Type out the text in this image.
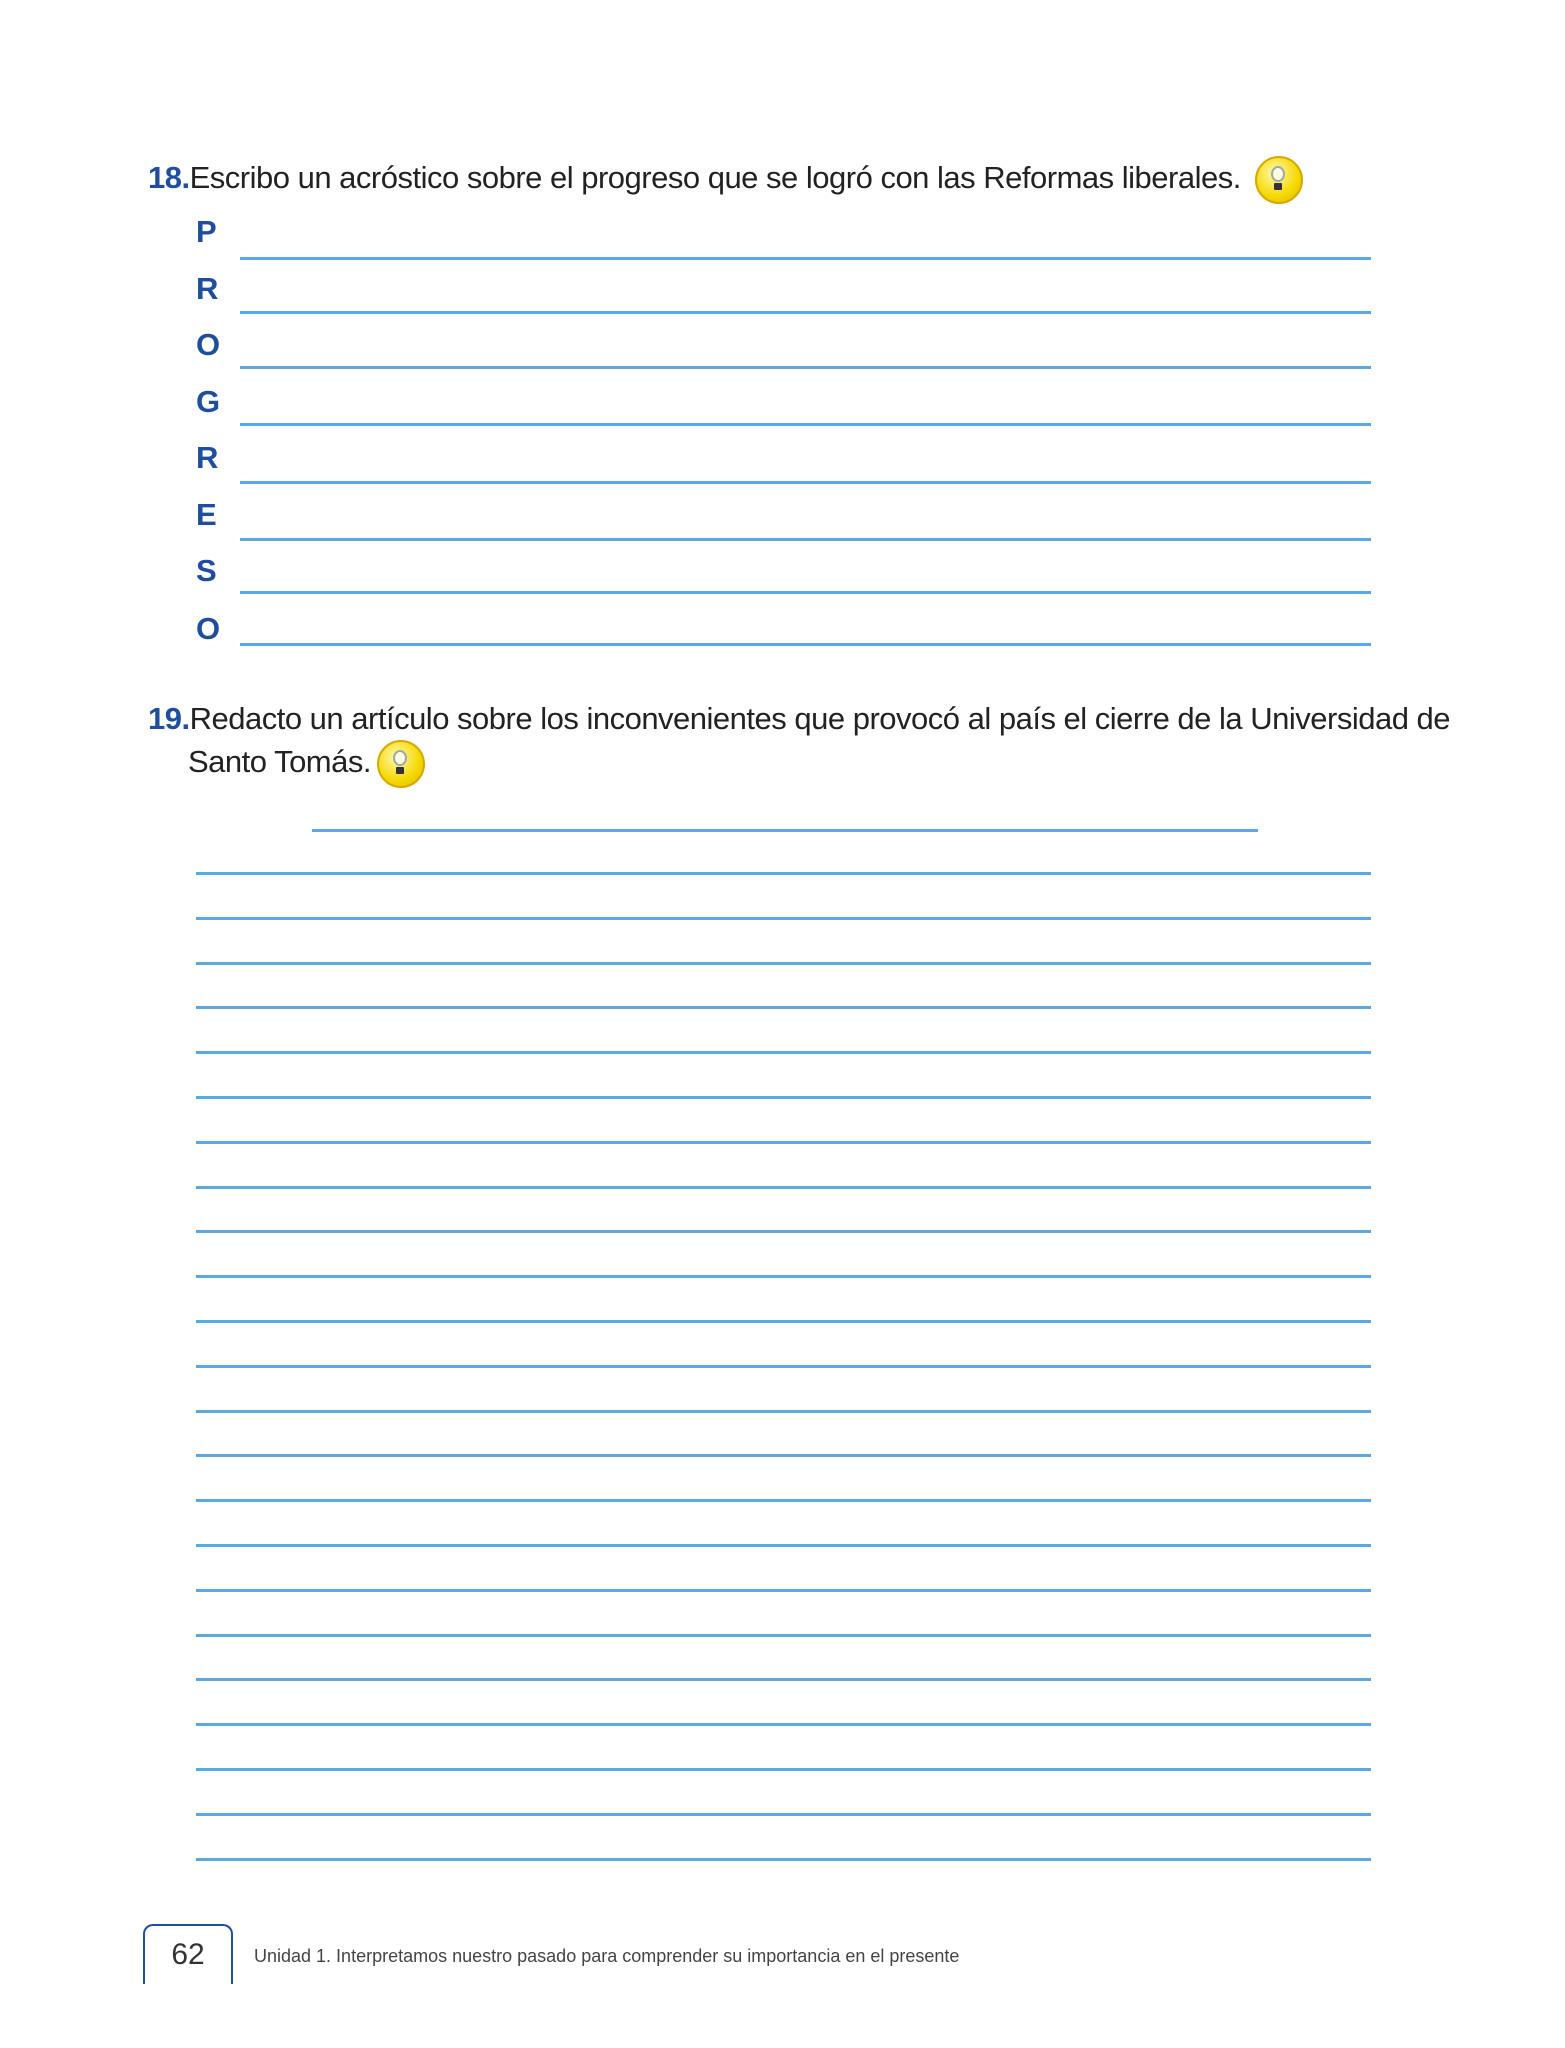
18.Escribo un acróstico sobre el progreso que se logró con las Reformas liberales.
P
R
O
G
R
E
S
O
19.Redacto un artículo sobre los inconvenientes que provocó al país el cierre de la Universidad de
Santo Tomás.
62	Unidad 1. Interpretamos nuestro pasado para comprender su importancia en el presente
